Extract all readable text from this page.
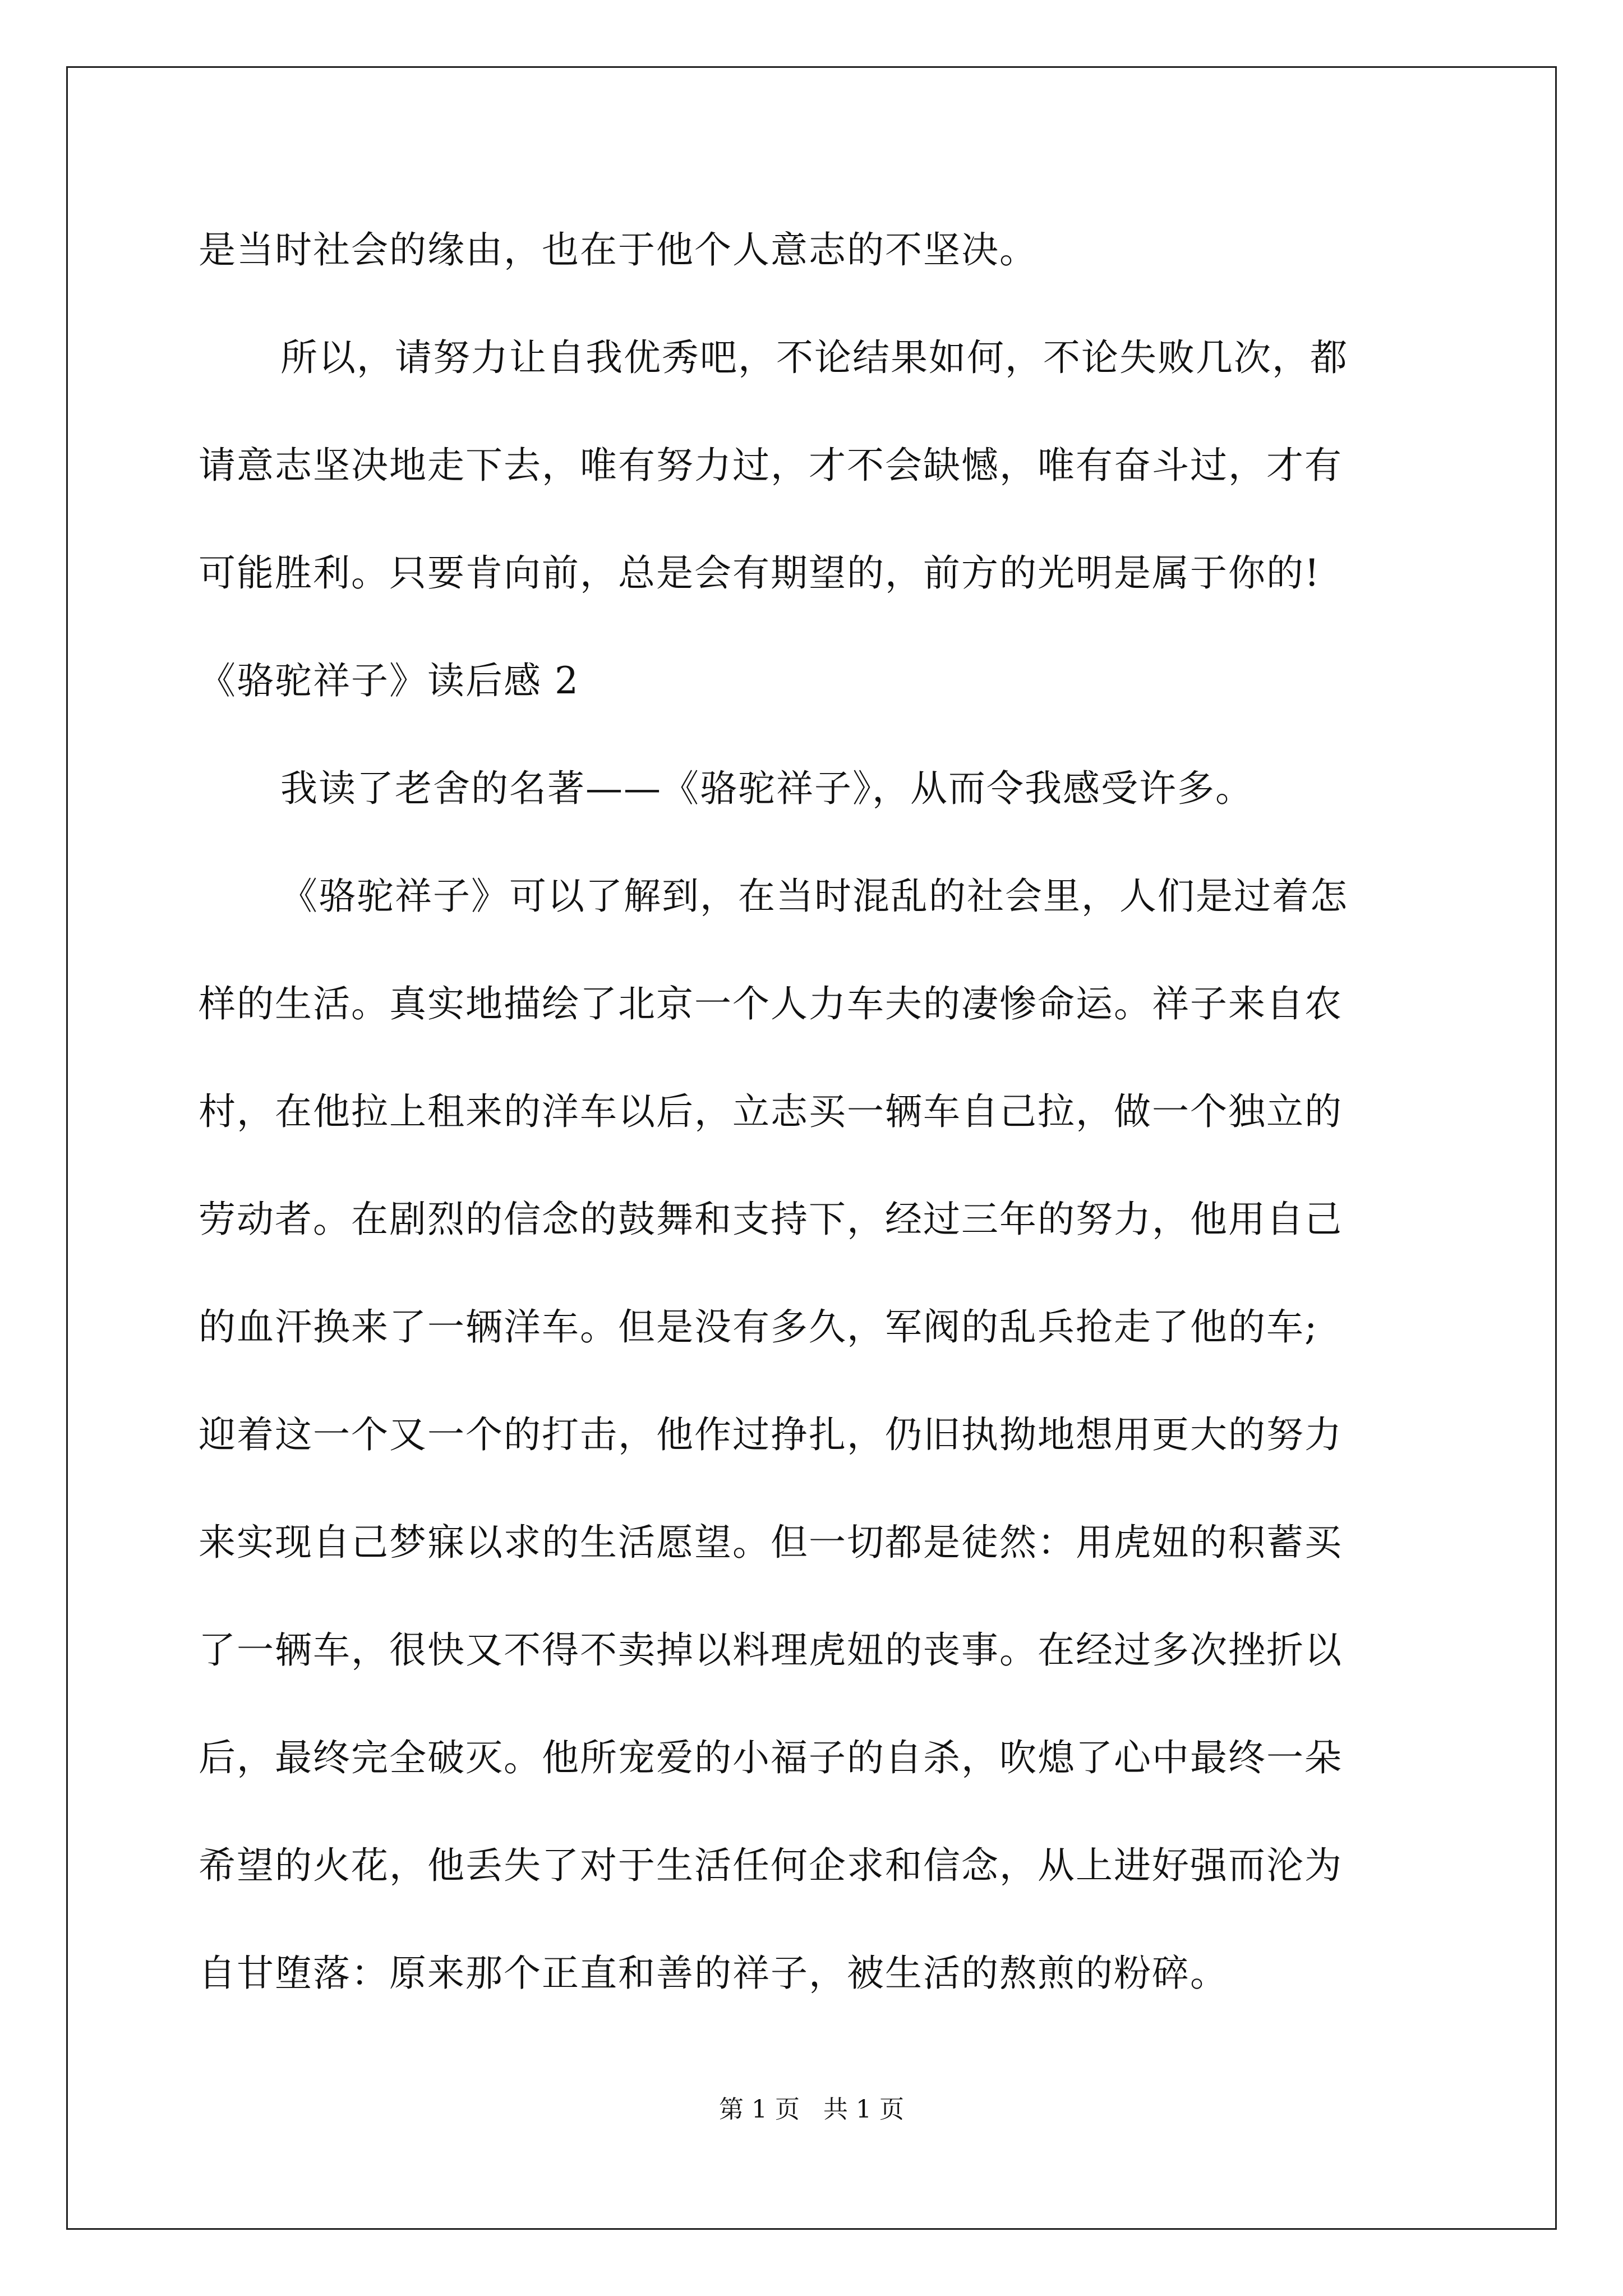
是当时社会的缘由，也在于他个人意志的不坚决。
所以，请努力让自我优秀吧，不论结果如何，不论失败几次，都
请意志坚决地走下去，唯有努力过，才不会缺憾，唯有奋斗过，才有
可能胜利。只要肯向前，总是会有期望的，前方的光明是属于你的!
《骆驼祥子》读后感 2
我读了老舍的名著——《骆驼祥子》，从而令我感受许多。
《骆驼祥子》可以了解到，在当时混乱的社会里，人们是过着怎
样的生活。真实地描绘了北京一个人力车夫的凄惨命运。祥子来自农
村，在他拉上租来的洋车以后，立志买一辆车自己拉，做一个独立的
劳动者。在剧烈的信念的鼓舞和支持下，经过三年的努力，他用自己
的血汗换来了一辆洋车。但是没有多久，军阀的乱兵抢走了他的车;
迎着这一个又一个的打击，他作过挣扎，仍旧执拗地想用更大的努力
来实现自己梦寐以求的生活愿望。但一切都是徒然：用虎妞的积蓄买
了一辆车，很快又不得不卖掉以料理虎妞的丧事。在经过多次挫折以
后，最终完全破灭。他所宠爱的小福子的自杀，吹熄了心中最终一朵
希望的火花，他丢失了对于生活任何企求和信念，从上进好强而沦为
自甘堕落：原来那个正直和善的祥子，被生活的熬煎的粉碎。
第 1 页   共 1 页
